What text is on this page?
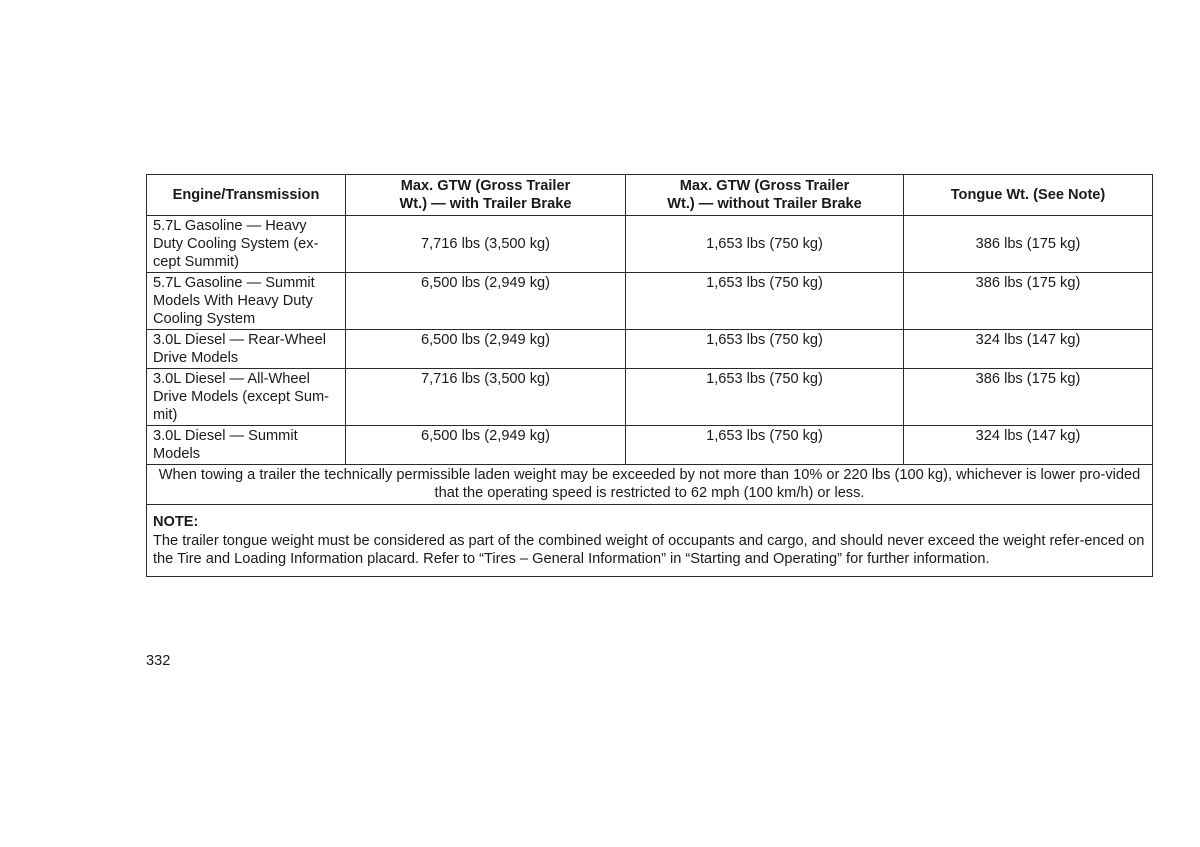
Engine/Transmission	Max. GTW (Gross Trailer Wt.) — with Trailer Brake	Max. GTW (Gross Trailer Wt.) — without Trailer Brake	Tongue Wt. (See Note)
5.7L Gasoline — Heavy Duty Cooling System (ex-cept Summit)	7,716 lbs (3,500 kg)	1,653 lbs (750 kg)	386 lbs (175 kg)
5.7L Gasoline — Summit Models With Heavy Duty Cooling System	6,500 lbs (2,949 kg)	1,653 lbs (750 kg)	386 lbs (175 kg)
3.0L Diesel — Rear-Wheel Drive Models	6,500 lbs (2,949 kg)	1,653 lbs (750 kg)	324 lbs (147 kg)
3.0L Diesel — All-Wheel Drive Models (except Sum-mit)	7,716 lbs (3,500 kg)	1,653 lbs (750 kg)	386 lbs (175 kg)
3.0L Diesel — Summit Models	6,500 lbs (2,949 kg)	1,653 lbs (750 kg)	324 lbs (147 kg)
When towing a trailer the technically permissible laden weight may be exceeded by not more than 10% or 220 lbs (100 kg), whichever is lower pro-vided that the operating speed is restricted to 62 mph (100 km/h) or less.			

NOTE:
The trailer tongue weight must be considered as part of the combined weight of occupants and cargo, and should never exceed the weight refer-enced on the Tire and Loading Information placard. Refer to “Tires – General Information” in “Starting and Operating” for further information.			
332
